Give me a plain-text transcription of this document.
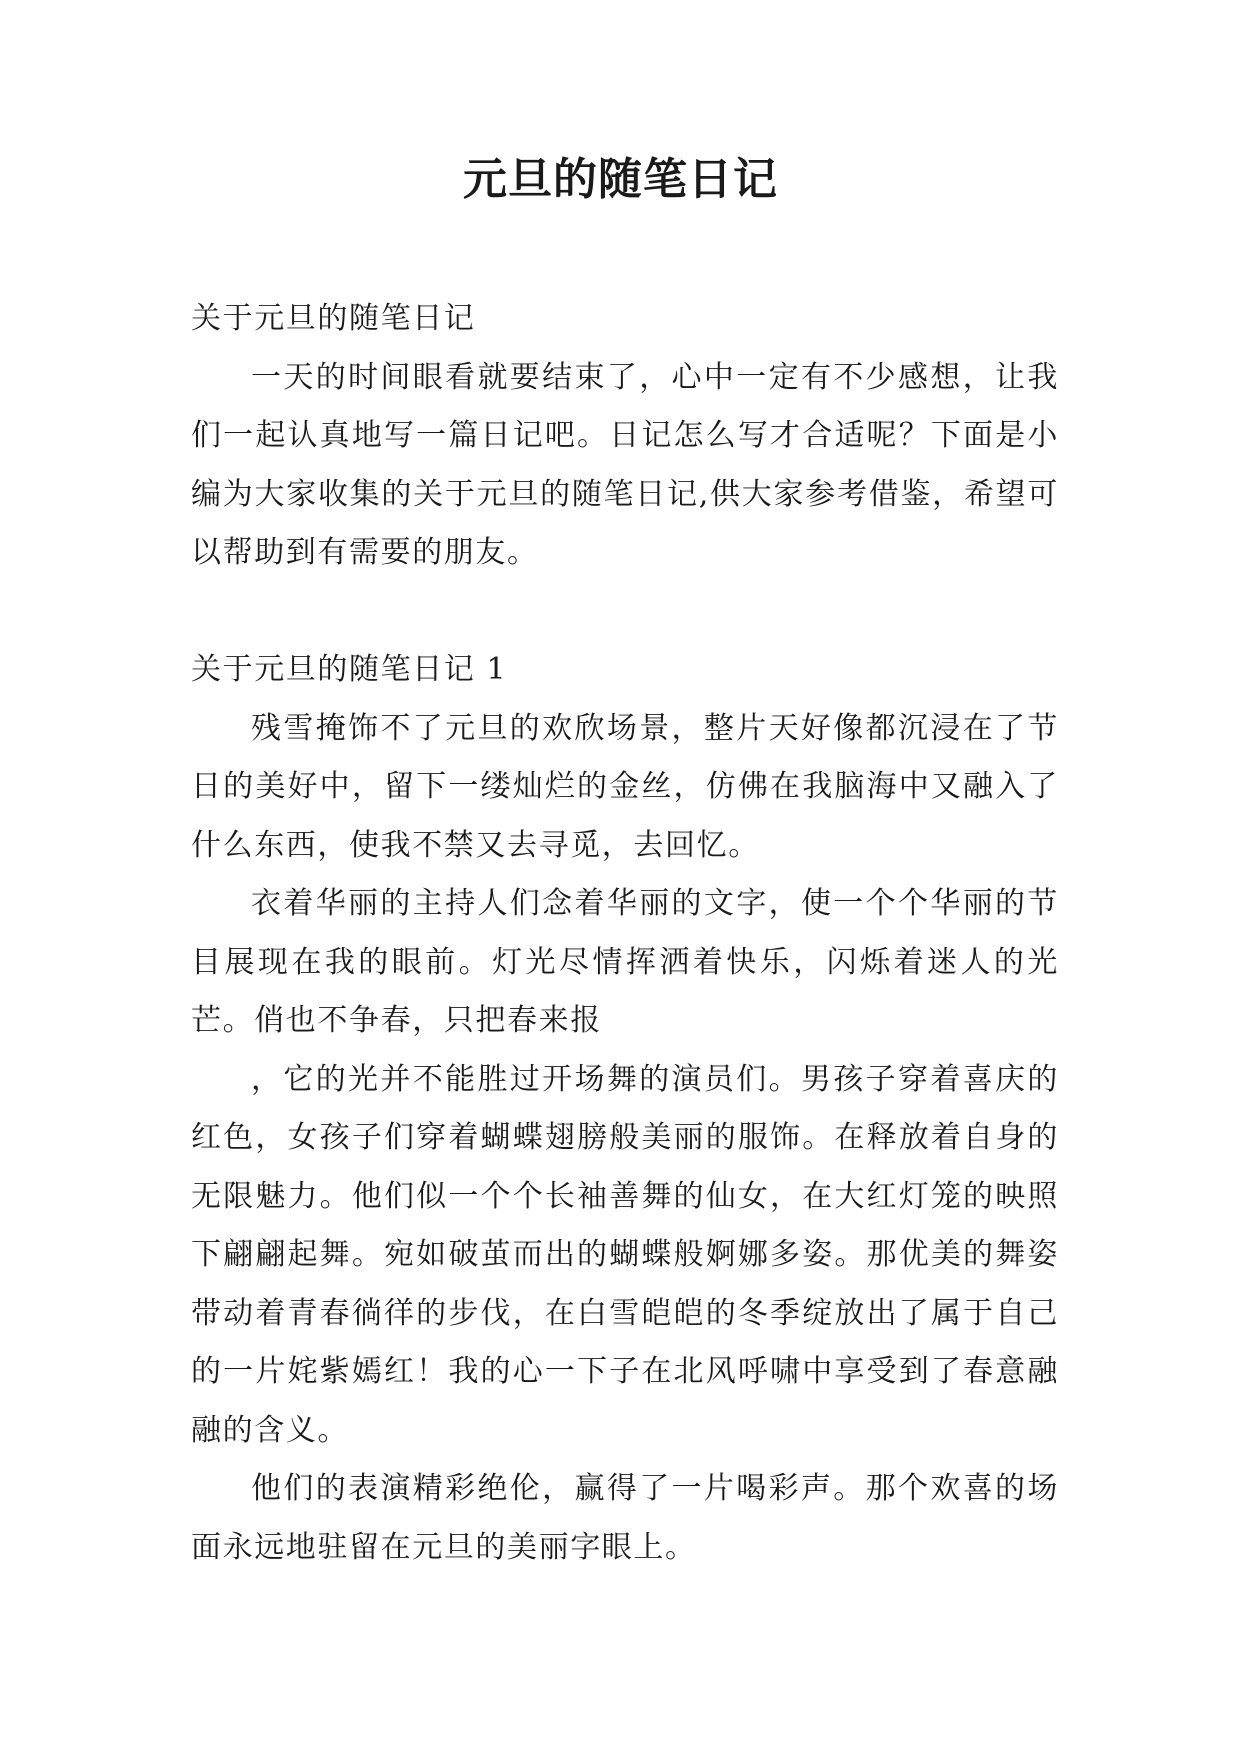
元旦的随笔日记

关于元旦的随笔日记

一天的时间眼看就要结束了，心中一定有不少感想，让我们一起认真地写一篇日记吧。日记怎么写才合适呢？下面是小编为大家收集的关于元旦的随笔日记,供大家参考借鉴，希望可以帮助到有需要的朋友。

关于元旦的随笔日记 1

残雪掩饰不了元旦的欢欣场景，整片天好像都沉浸在了节日的美好中，留下一缕灿烂的金丝，仿佛在我脑海中又融入了什么东西，使我不禁又去寻觅，去回忆。

衣着华丽的主持人们念着华丽的文字，使一个个华丽的节目展现在我的眼前。灯光尽情挥洒着快乐，闪烁着迷人的光芒。俏也不争春，只把春来报

，它的光并不能胜过开场舞的演员们。男孩子穿着喜庆的红色，女孩子们穿着蝴蝶翅膀般美丽的服饰。在释放着自身的无限魅力。他们似一个个长袖善舞的仙女，在大红灯笼的映照下翩翩起舞。宛如破茧而出的蝴蝶般婀娜多姿。那优美的舞姿带动着青春徜徉的步伐，在白雪皑皑的冬季绽放出了属于自己的一片姹紫嫣红！我的心一下子在北风呼啸中享受到了春意融融的含义。

他们的表演精彩绝伦，赢得了一片喝彩声。那个欢喜的场面永远地驻留在元旦的美丽字眼上。
